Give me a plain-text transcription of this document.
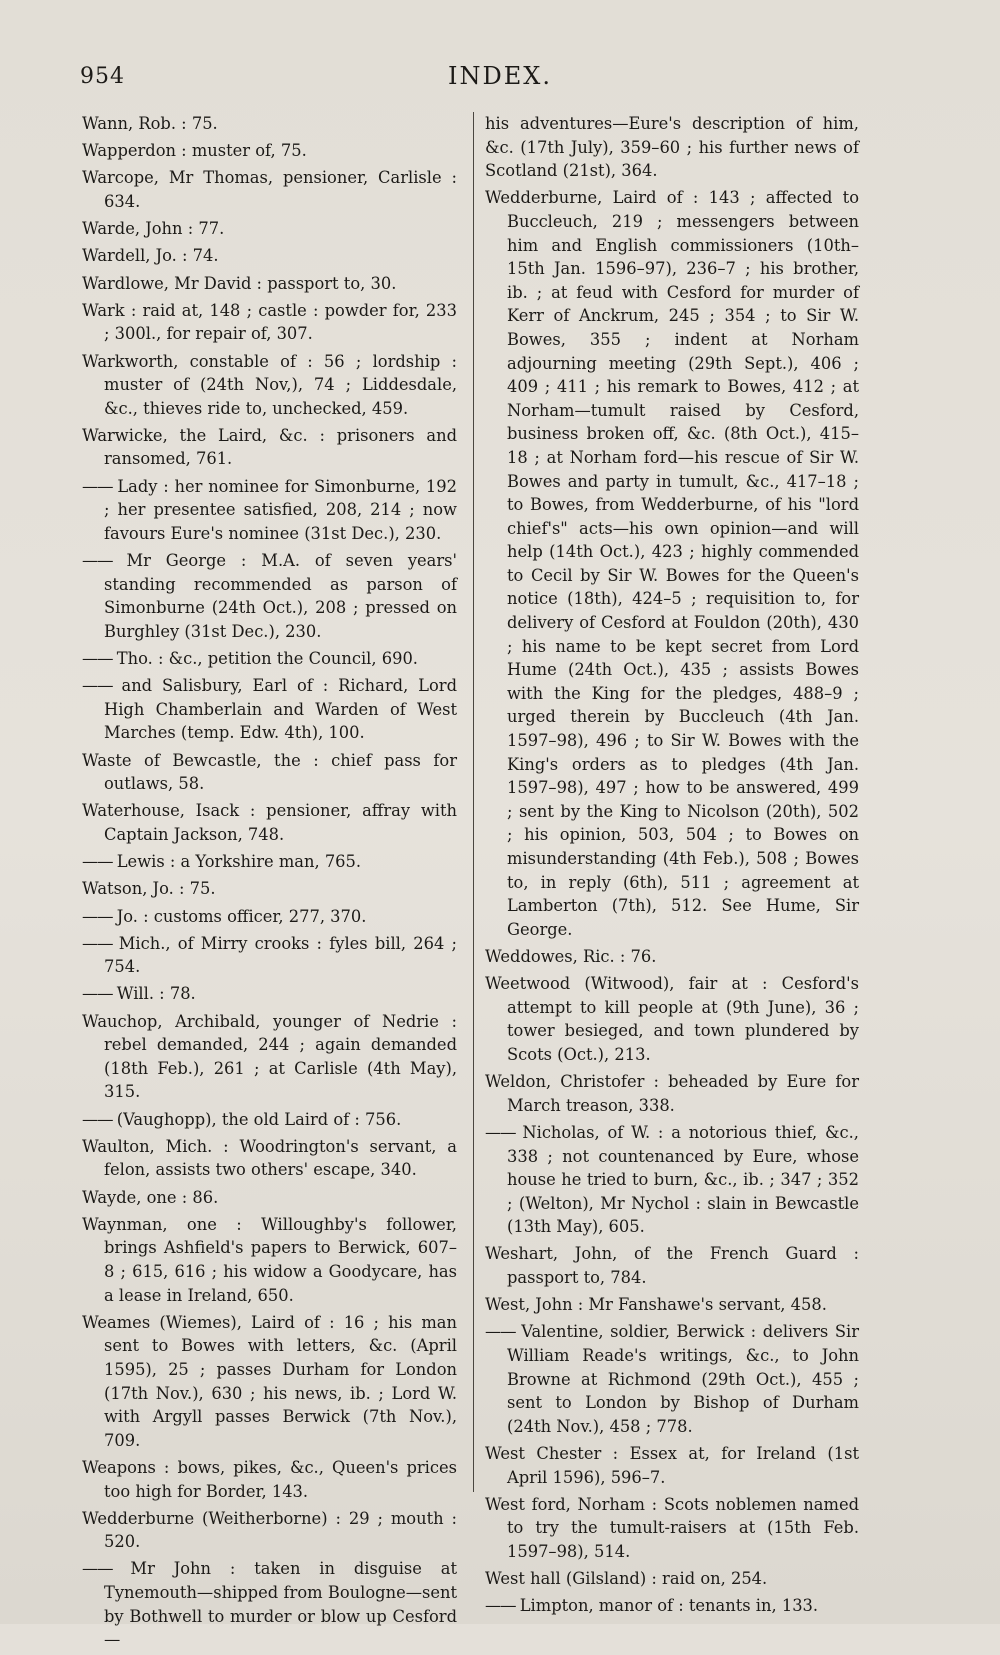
954	INDEX.

Wann, Rob. : 75.

Wapperdon : muster of, 75.

Warcope, Mr Thomas, pensioner, Carlisle : 634.

Warde, John : 77.

Wardell, Jo. : 74.

Wardlowe, Mr David : passport to, 30.

Wark : raid at, 148 ; castle : powder for, 233 ; 300l., for repair of, 307.

Warkworth, constable of : 56 ; lordship : muster of (24th Nov,), 74 ; Liddesdale, &c., thieves ride to, unchecked, 459.

Warwicke, the Laird, &c. : prisoners and ransomed, 761.

—— Lady : her nominee for Simonburne, 192 ; her presentee satisfied, 208, 214 ; now favours Eure's nominee (31st Dec.), 230.

—— Mr George : M.A. of seven years' standing recommended as parson of Simonburne (24th Oct.), 208 ; pressed on Burghley (31st Dec.), 230.

—— Tho. : &c., petition the Council, 690.

—— and Salisbury, Earl of : Richard, Lord High Chamberlain and Warden of West Marches (temp. Edw. 4th), 100.

Waste of Bewcastle, the : chief pass for outlaws, 58.

Waterhouse, Isack : pensioner, affray with Captain Jackson, 748.

—— Lewis : a Yorkshire man, 765.

Watson, Jo. : 75.

—— Jo. : customs officer, 277, 370.

—— Mich., of Mirry crooks : fyles bill, 264 ; 754.

—— Will. : 78.

Wauchop, Archibald, younger of Nedrie : rebel demanded, 244 ; again demanded (18th Feb.), 261 ; at Carlisle (4th May), 315.

—— (Vaughopp), the old Laird of : 756.

Waulton, Mich. : Woodrington's servant, a felon, assists two others' escape, 340.

Wayde, one : 86.

Waynman, one : Willoughby's follower, brings Ashfield's papers to Berwick, 607–8 ; 615, 616 ; his widow a Goodycare, has a lease in Ireland, 650.

Weames (Wiemes), Laird of : 16 ; his man sent to Bowes with letters, &c. (April 1595), 25 ; passes Durham for London (17th Nov.), 630 ; his news, ib. ; Lord W. with Argyll passes Berwick (7th Nov.), 709.

Weapons : bows, pikes, &c., Queen's prices too high for Border, 143.

Wedderburne (Weitherborne) : 29 ; mouth : 520.

—— Mr John : taken in disguise at Tynemouth—shipped from Boulogne—sent by Bothwell to murder or blow up Cesford—

his adventures—Eure's description of him, &c. (17th July), 359–60 ; his further news of Scotland (21st), 364.

Wedderburne, Laird of : 143 ; affected to Buccleuch, 219 ; messengers between him and English commissioners (10th–15th Jan. 1596–97), 236–7 ; his brother, ib. ; at feud with Cesford for murder of Kerr of Anckrum, 245 ; 354 ; to Sir W. Bowes, 355 ; indent at Norham adjourning meeting (29th Sept.), 406 ; 409 ; 411 ; his remark to Bowes, 412 ; at Norham—tumult raised by Cesford, business broken off, &c. (8th Oct.), 415–18 ; at Norham ford—his rescue of Sir W. Bowes and party in tumult, &c., 417–18 ; to Bowes, from Wedderburne, of his "lord chief's" acts—his own opinion—and will help (14th Oct.), 423 ; highly commended to Cecil by Sir W. Bowes for the Queen's notice (18th), 424–5 ; requisition to, for delivery of Cesford at Fouldon (20th), 430 ; his name to be kept secret from Lord Hume (24th Oct.), 435 ; assists Bowes with the King for the pledges, 488–9 ; urged therein by Buccleuch (4th Jan. 1597–98), 496 ; to Sir W. Bowes with the King's orders as to pledges (4th Jan. 1597–98), 497 ; how to be answered, 499 ; sent by the King to Nicolson (20th), 502 ; his opinion, 503, 504 ; to Bowes on misunderstanding (4th Feb.), 508 ; Bowes to, in reply (6th), 511 ; agreement at Lamberton (7th), 512. See Hume, Sir George.

Weddowes, Ric. : 76.

Weetwood (Witwood), fair at : Cesford's attempt to kill people at (9th June), 36 ; tower besieged, and town plundered by Scots (Oct.), 213.

Weldon, Christofer : beheaded by Eure for March treason, 338.

—— Nicholas, of W. : a notorious thief, &c., 338 ; not countenanced by Eure, whose house he tried to burn, &c., ib. ; 347 ; 352 ; (Welton), Mr Nychol : slain in Bewcastle (13th May), 605.

Weshart, John, of the French Guard : passport to, 784.

West, John : Mr Fanshawe's servant, 458.

—— Valentine, soldier, Berwick : delivers Sir William Reade's writings, &c., to John Browne at Richmond (29th Oct.), 455 ; sent to London by Bishop of Durham (24th Nov.), 458 ; 778.

West Chester : Essex at, for Ireland (1st April 1596), 596–7.

West ford, Norham : Scots noblemen named to try the tumult-raisers at (15th Feb. 1597–98), 514.

West hall (Gilsland) : raid on, 254.

—— Limpton, manor of : tenants in, 133.
